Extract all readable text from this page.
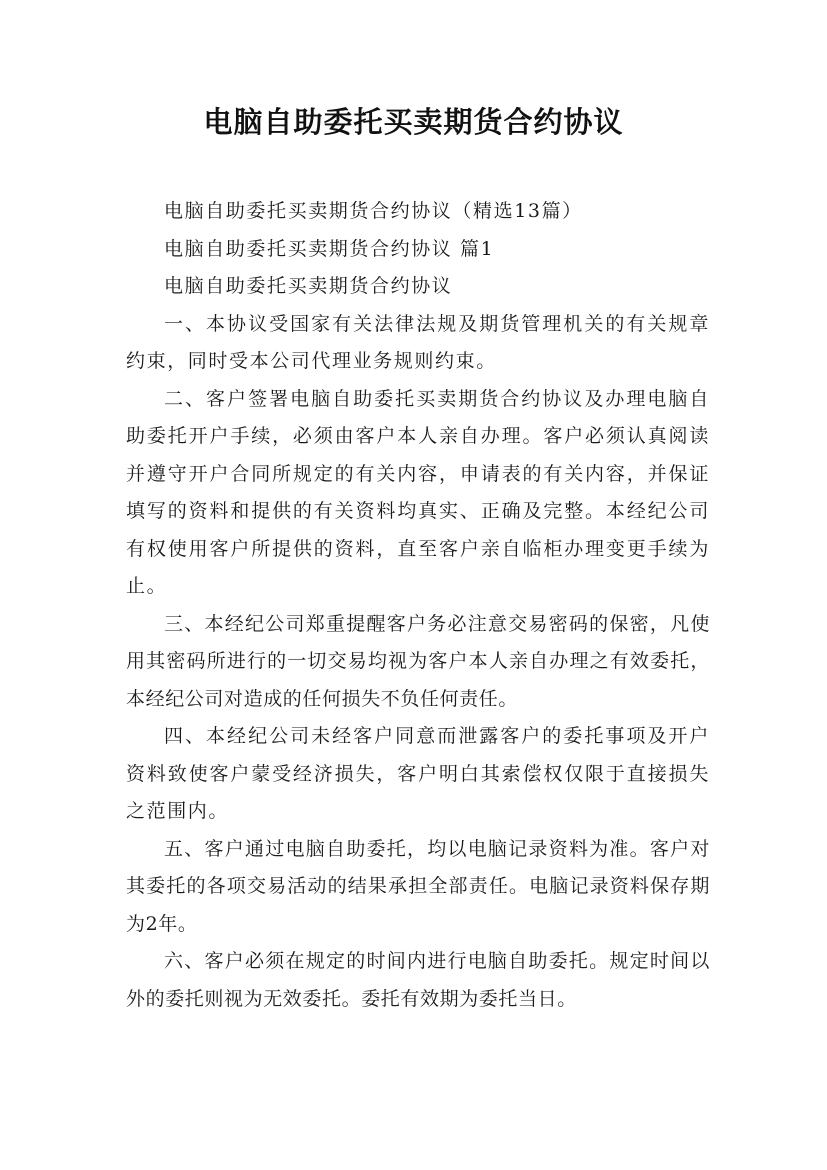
电脑自助委托买卖期货合约协议

电脑自助委托买卖期货合约协议（精选13篇）

电脑自助委托买卖期货合约协议 篇1

电脑自助委托买卖期货合约协议

一、本协议受国家有关法律法规及期货管理机关的有关规章约束，同时受本公司代理业务规则约束。

二、客户签署电脑自助委托买卖期货合约协议及办理电脑自助委托开户手续，必须由客户本人亲自办理。客户必须认真阅读并遵守开户合同所规定的有关内容，申请表的有关内容，并保证填写的资料和提供的有关资料均真实、正确及完整。本经纪公司有权使用客户所提供的资料，直至客户亲自临柜办理变更手续为止。

三、本经纪公司郑重提醒客户务必注意交易密码的保密，凡使用其密码所进行的一切交易均视为客户本人亲自办理之有效委托，本经纪公司对造成的任何损失不负任何责任。

四、本经纪公司未经客户同意而泄露客户的委托事项及开户资料致使客户蒙受经济损失，客户明白其索偿权仅限于直接损失之范围内。

五、客户通过电脑自助委托，均以电脑记录资料为准。客户对其委托的各项交易活动的结果承担全部责任。电脑记录资料保存期为2年。

六、客户必须在规定的时间内进行电脑自助委托。规定时间以外的委托则视为无效委托。委托有效期为委托当日。
